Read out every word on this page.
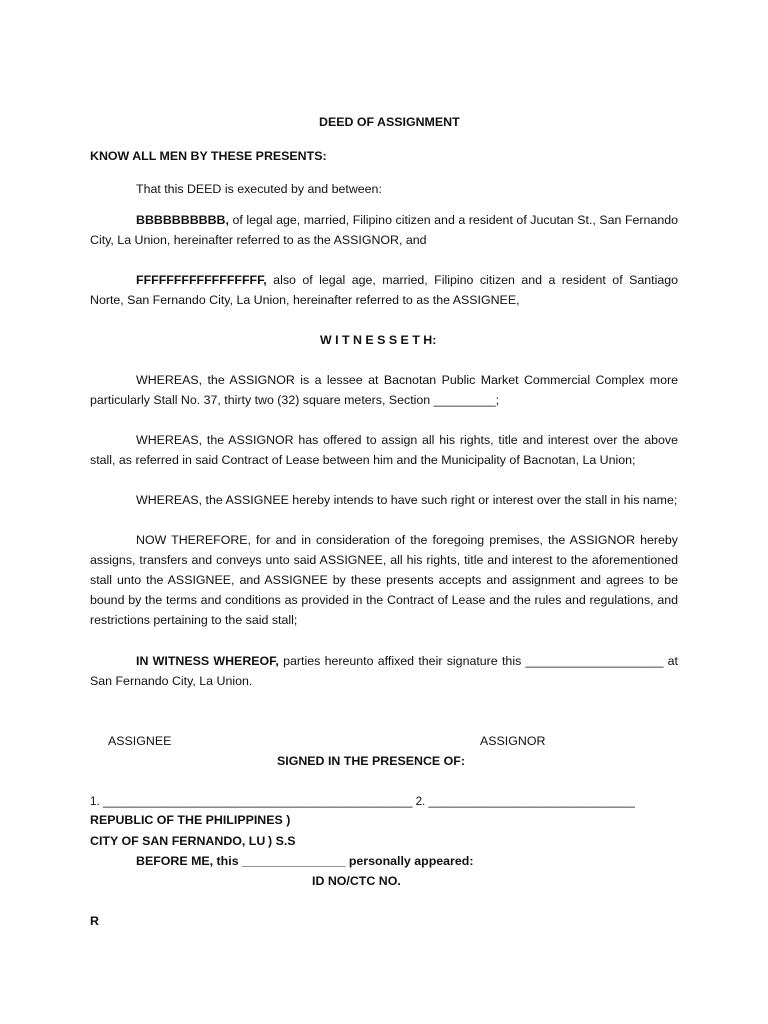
DEED OF ASSIGNMENT
KNOW ALL MEN BY THESE PRESENTS:
That this DEED is executed by and between:

BBBBBBBBBB, of legal age, married, Filipino citizen and a resident of Jucutan St., San Fernando City, La Union, hereinafter referred to as the ASSIGNOR, and

FFFFFFFFFFFFFFFFF, also of legal age, married, Filipino citizen and a resident of Santiago Norte, San Fernando City, La Union, hereinafter referred to as the ASSIGNEE,

W I T N E S S E T H:

WHEREAS, the ASSIGNOR is a lessee at Bacnotan Public Market Commercial Complex more particularly Stall No. 37, thirty two (32) square meters, Section _________;

WHEREAS, the ASSIGNOR has offered to assign all his rights, title and interest over the above stall, as referred in said Contract of Lease between him and the Municipality of Bacnotan, La Union;

WHEREAS, the ASSIGNEE hereby intends to have such right or interest over the stall in his name;

NOW THEREFORE, for and in consideration of the foregoing premises, the ASSIGNOR hereby assigns, transfers and conveys unto said ASSIGNEE, all his rights, title and interest to the aforementioned stall unto the ASSIGNEE, and ASSIGNEE by these presents accepts and assignment and agrees to be bound by the terms and conditions as provided in the Contract of Lease and the rules and regulations, and restrictions pertaining to the said stall;

IN WITNESS WHEREOF, parties hereunto affixed their signature this ____________________ at San Fernando City, La Union.

ASSIGNEE	ASSIGNOR
SIGNED IN THE PRESENCE OF:
1. ________________________________________________ 2. ________________________________
REPUBLIC OF THE PHILIPPINES )
CITY OF SAN FERNANDO, LU ) S.S
BEFORE ME, this _______________ personally appeared:
ID NO/CTC NO.
R
